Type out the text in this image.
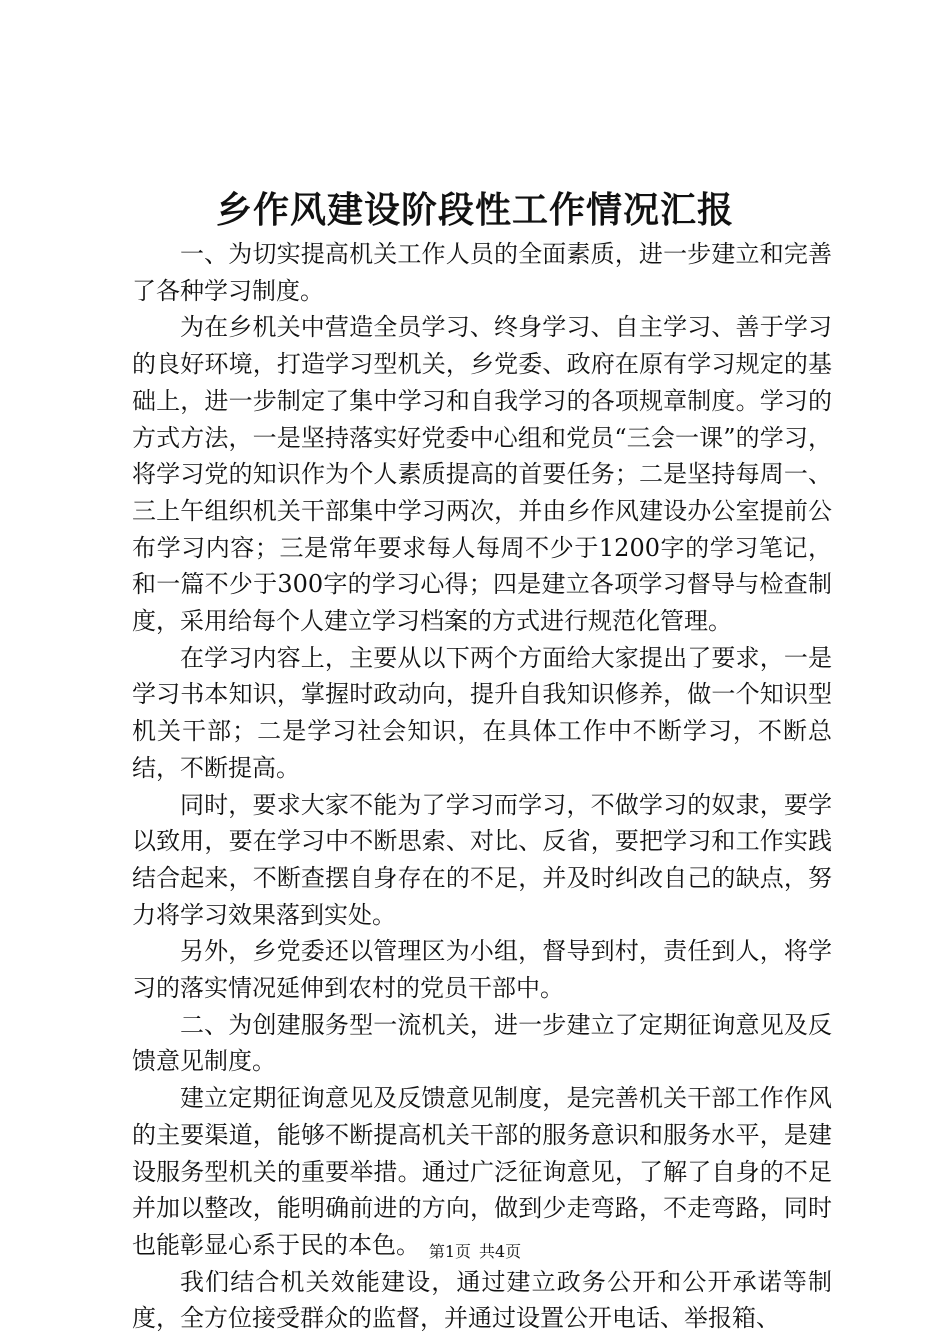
乡作风建设阶段性工作情况汇报

一、为切实提高机关工作人员的全面素质，进一步建立和完善了各种学习制度。

为在乡机关中营造全员学习、终身学习、自主学习、善于学习的良好环境，打造学习型机关，乡党委、政府在原有学习规定的基础上，进一步制定了集中学习和自我学习的各项规章制度。学习的方式方法，一是坚持落实好党委中心组和党员“三会一课”的学习，将学习党的知识作为个人素质提高的首要任务；二是坚持每周一、三上午组织机关干部集中学习两次，并由乡作风建设办公室提前公布学习内容；三是常年要求每人每周不少于1200字的学习笔记，和一篇不少于300字的学习心得；四是建立各项学习督导与检查制度，采用给每个人建立学习档案的方式进行规范化管理。

在学习内容上，主要从以下两个方面给大家提出了要求，一是学习书本知识，掌握时政动向，提升自我知识修养，做一个知识型机关干部；二是学习社会知识，在具体工作中不断学习，不断总结，不断提高。

同时，要求大家不能为了学习而学习，不做学习的奴隶，要学以致用，要在学习中不断思索、对比、反省，要把学习和工作实践结合起来，不断查摆自身存在的不足，并及时纠改自己的缺点，努力将学习效果落到实处。

另外，乡党委还以管理区为小组，督导到村，责任到人，将学习的落实情况延伸到农村的党员干部中。

二、为创建服务型一流机关，进一步建立了定期征询意见及反馈意见制度。

建立定期征询意见及反馈意见制度，是完善机关干部工作作风的主要渠道，能够不断提高机关干部的服务意识和服务水平，是建设服务型机关的重要举措。通过广泛征询意见，了解了自身的不足并加以整改，能明确前进的方向，做到少走弯路，不走弯路，同时也能彰显心系于民的本色。

我们结合机关效能建设，通过建立政务公开和公开承诺等制度，全方位接受群众的监督，并通过设置公开电话、举报箱、

第1页 共4页
